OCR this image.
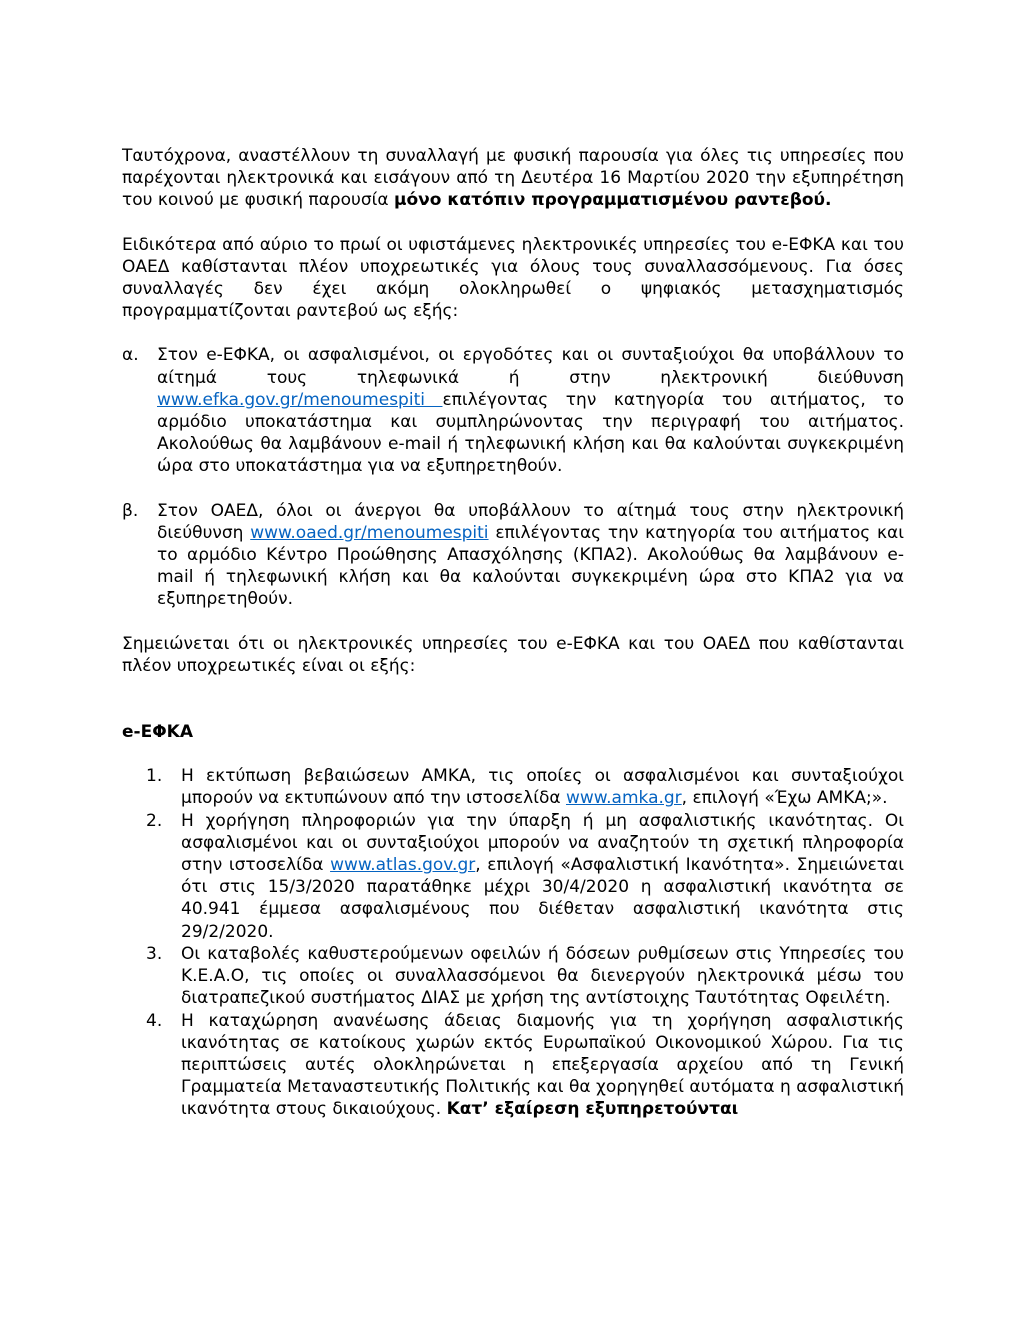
Ταυτόχρονα, αναστέλλουν τη συναλλαγή με φυσική παρουσία για όλες τις υπηρεσίες που παρέχονται ηλεκτρονικά και εισάγουν από τη Δευτέρα 16 Μαρτίου 2020 την εξυπηρέτηση του κοινού με φυσική παρουσία μόνο κατόπιν προγραμματισμένου ραντεβού.

Ειδικότερα από αύριο το πρωί οι υφιστάμενες ηλεκτρονικές υπηρεσίες του e-ΕΦΚΑ και του ΟΑΕΔ καθίστανται πλέον υποχρεωτικές για όλους τους συναλλασσόμενους. Για όσες συναλλαγές δεν έχει ακόμη ολοκληρωθεί ο ψηφιακός μετασχηματισμός προγραμματίζονται ραντεβού ως εξής:

α.	Στον e-ΕΦΚΑ, οι ασφαλισμένοι, οι εργοδότες και οι συνταξιούχοι θα υποβάλλουν το αίτημά τους τηλεφωνικά ή στην ηλεκτρονική διεύθυνση www.efka.gov.gr/menoumespiti επιλέγοντας την κατηγορία του αιτήματος, το αρμόδιο υποκατάστημα και συμπληρώνοντας την περιγραφή του αιτήματος. Ακολούθως θα λαμβάνουν e-mail ή τηλεφωνική κλήση και θα καλούνται συγκεκριμένη ώρα στο υποκατάστημα για να εξυπηρετηθούν.
β.	Στον ΟΑΕΔ, όλοι οι άνεργοι θα υποβάλλουν το αίτημά τους στην ηλεκτρονική διεύθυνση www.oaed.gr/menoumespiti επιλέγοντας την κατηγορία του αιτήματος και το αρμόδιο Κέντρο Προώθησης Απασχόλησης (ΚΠΑ2). Ακολούθως θα λαμβάνουν e-mail ή τηλεφωνική κλήση και θα καλούνται συγκεκριμένη ώρα στο ΚΠΑ2 για να εξυπηρετηθούν.

Σημειώνεται ότι οι ηλεκτρονικές υπηρεσίες του e-ΕΦΚΑ και του ΟΑΕΔ που καθίστανται πλέον υποχρεωτικές είναι οι εξής:

e-ΕΦΚΑ
1.	Η εκτύπωση βεβαιώσεων ΑΜΚΑ, τις οποίες οι ασφαλισμένοι και συνταξιούχοι μπορούν να εκτυπώνουν από την ιστοσελίδα www.amka.gr, επιλογή «Έχω ΑΜΚΑ;».
2.	Η χορήγηση πληροφοριών για την ύπαρξη ή μη ασφαλιστικής ικανότητας. Οι ασφαλισμένοι και οι συνταξιούχοι μπορούν να αναζητούν τη σχετική πληροφορία στην ιστοσελίδα www.atlas.gov.gr, επιλογή «Ασφαλιστική Ικανότητα». Σημειώνεται ότι στις 15/3/2020 παρατάθηκε μέχρι 30/4/2020 η ασφαλιστική ικανότητα σε 40.941 έμμεσα ασφαλισμένους που διέθεταν ασφαλιστική ικανότητα στις 29/2/2020.
3.	Οι καταβολές καθυστερούμενων οφειλών ή δόσεων ρυθμίσεων στις Υπηρεσίες του Κ.Ε.Α.Ο, τις οποίες οι συναλλασσόμενοι θα διενεργούν ηλεκτρονικά μέσω του διατραπεζικού συστήματος ΔΙΑΣ με χρήση της αντίστοιχης Ταυτότητας Οφειλέτη.
4.	Η καταχώρηση ανανέωσης άδειας διαμονής για τη χορήγηση ασφαλιστικής ικανότητας σε κατοίκους χωρών εκτός Ευρωπαϊκού Οικονομικού Χώρου. Για τις περιπτώσεις αυτές ολοκληρώνεται η επεξεργασία αρχείου από τη Γενική Γραμματεία Μεταναστευτικής Πολιτικής και θα χορηγηθεί αυτόματα η ασφαλιστική ικανότητα στους δικαιούχους. Κατ’ εξαίρεση εξυπηρετούνται
